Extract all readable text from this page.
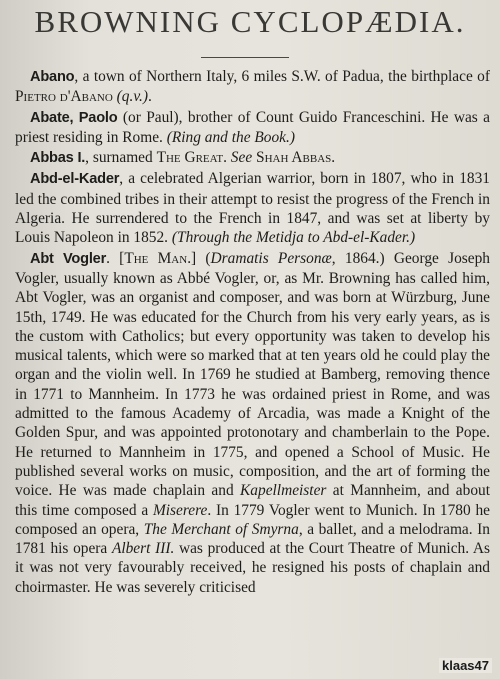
BROWNING CYCLOPÆDIA.

Abano, a town of Northern Italy, 6 miles S.W. of Padua, the birthplace of Pietro d'Abano (q.v.).

Abate, Paolo (or Paul), brother of Count Guido Franceschini. He was a priest residing in Rome. (Ring and the Book.)

Abbas I., surnamed The Great. See Shah Abbas.

Abd-el-Kader, a celebrated Algerian warrior, born in 1807, who in 1831 led the combined tribes in their attempt to resist the progress of the French in Algeria. He surrendered to the French in 1847, and was set at liberty by Louis Napoleon in 1852. (Through the Metidja to Abd-el-Kader.)

Abt Vogler. [The Man.] (Dramatis Personæ, 1864.) George Joseph Vogler, usually known as Abbé Vogler, or, as Mr. Browning has called him, Abt Vogler, was an organist and composer, and was born at Würzburg, June 15th, 1749. He was educated for the Church from his very early years, as is the custom with Catholics; but every opportunity was taken to develop his musical talents, which were so marked that at ten years old he could play the organ and the violin well. In 1769 he studied at Bamberg, removing thence in 1771 to Mannheim. In 1773 he was ordained priest in Rome, and was admitted to the famous Academy of Arcadia, was made a Knight of the Golden Spur, and was appointed protonotary and chamberlain to the Pope. He returned to Mannheim in 1775, and opened a School of Music. He published several works on music, composition, and the art of forming the voice. He was made chaplain and Kapellmeister at Mannheim, and about this time composed a Miserere. In 1779 Vogler went to Munich. In 1780 he composed an opera, The Merchant of Smyrna, a ballet, and a melodrama. In 1781 his opera Albert III. was produced at the Court Theatre of Munich. As it was not very favourably received, he resigned his posts of chaplain and choirmaster. He was severely criticised

klaas47
